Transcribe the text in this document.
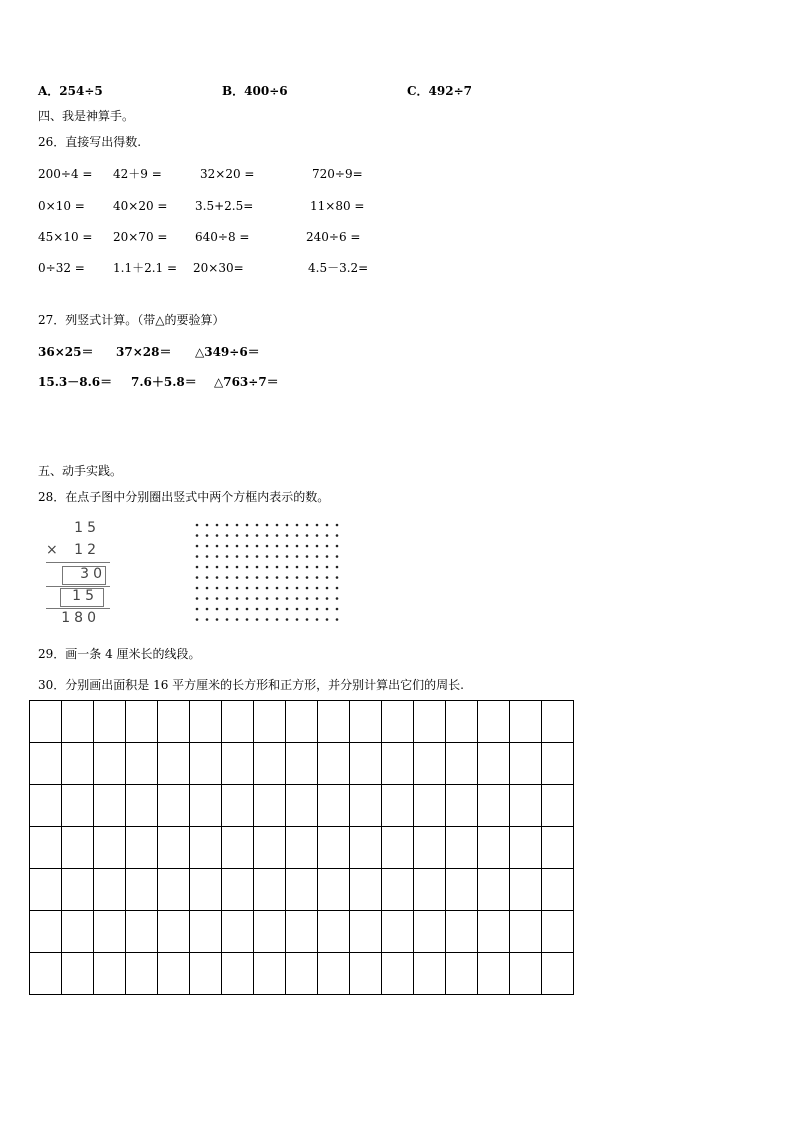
A．254÷5	B．400÷6	C．492÷7
四、我是神算手。
26．直接写出得数.
200÷4 = 42＋9 =	32×20 =	720÷9=
0×10 = 40×20 = 3.5+2.5=	11×80 =
45×10 = 20×70 = 640÷8 =	240÷6 =
0÷32 = 1.1＋2.1 = 20×30=	4.5－3.2=
27．列竖式计算。（带△的要验算）
36×25＝ 37×28＝ △349÷6＝
15.3－8.6＝ 7.6＋5.8＝ △763÷7＝
五、动手实践。
28．在点子图中分别圈出竖式中两个方框内表示的数。
15
× 12
30
15
180
29．画一条 4 厘米长的线段。
30．分别画出面积是 16 平方厘米的长方形和正方形，并分别计算出它们的周长.
